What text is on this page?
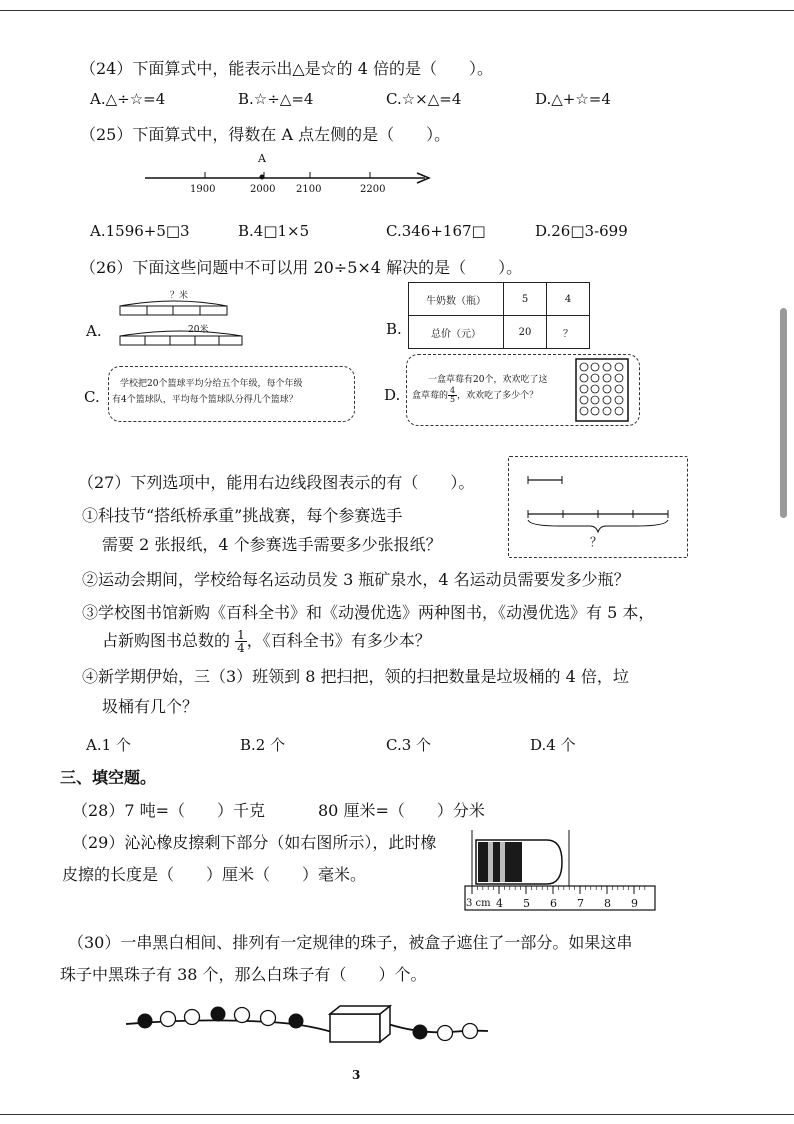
（24）下面算式中，能表示出△是☆的 4 倍的是（　　）。
A.△÷☆=4	B.☆÷△=4	C.☆×△=4	D.△+☆=4
（25）下面算式中，得数在 A 点左侧的是（　　）。
A
1900	2000 2100	2200
A.1596+5□3	B.4□1×5	C.346+167□	D.26□3-699
（26）下面这些问题中不可以用 20÷5×4 解决的是（　　）。
A.
？米
20米	B.
牛奶数（瓶）	5	4
总价（元）	20	？
C.
学校把20个篮球平均分给五个年级，每个年级
有4个篮球队，平均每个篮球队分得几个篮球？	D.
一盒草莓有20个，欢欢吃了这
盒草莓的 $\frac{4}{5}$ ，欢欢吃了多少个？
（27）下列选项中，能用右边线段图表示的有（　　）。
？
①科技节“搭纸桥承重”挑战赛，每个参赛选手
需要 2 张报纸，4 个参赛选手需要多少张报纸？
②运动会期间，学校给每名运动员发 3 瓶矿泉水，4 名运动员需要发多少瓶？
③学校图书馆新购《百科全书》和《动漫优选》两种图书，《动漫优选》有 5 本，
占新购图书总数的 $\frac{1}{4}$ ，《百科全书》有多少本？
④新学期伊始，三（3）班领到 8 把扫把，领的扫把数量是垃圾桶的 4 倍，垃
圾桶有几个？
A.1 个	B.2 个	C.3 个	D.4 个
三、填空题。
（28）7 吨=（　　）千克	80 厘米=（　　）分米
（29）沁沁橡皮擦剩下部分（如右图所示），此时橡
皮擦的长度是（　　）厘米（　　）毫米。
3 cm 4 5 6 7 8 9
（30）一串黑白相间、排列有一定规律的珠子，被盒子遮住了一部分。如果这串
珠子中黑珠子有 38 个，那么白珠子有（　　）个。
3
